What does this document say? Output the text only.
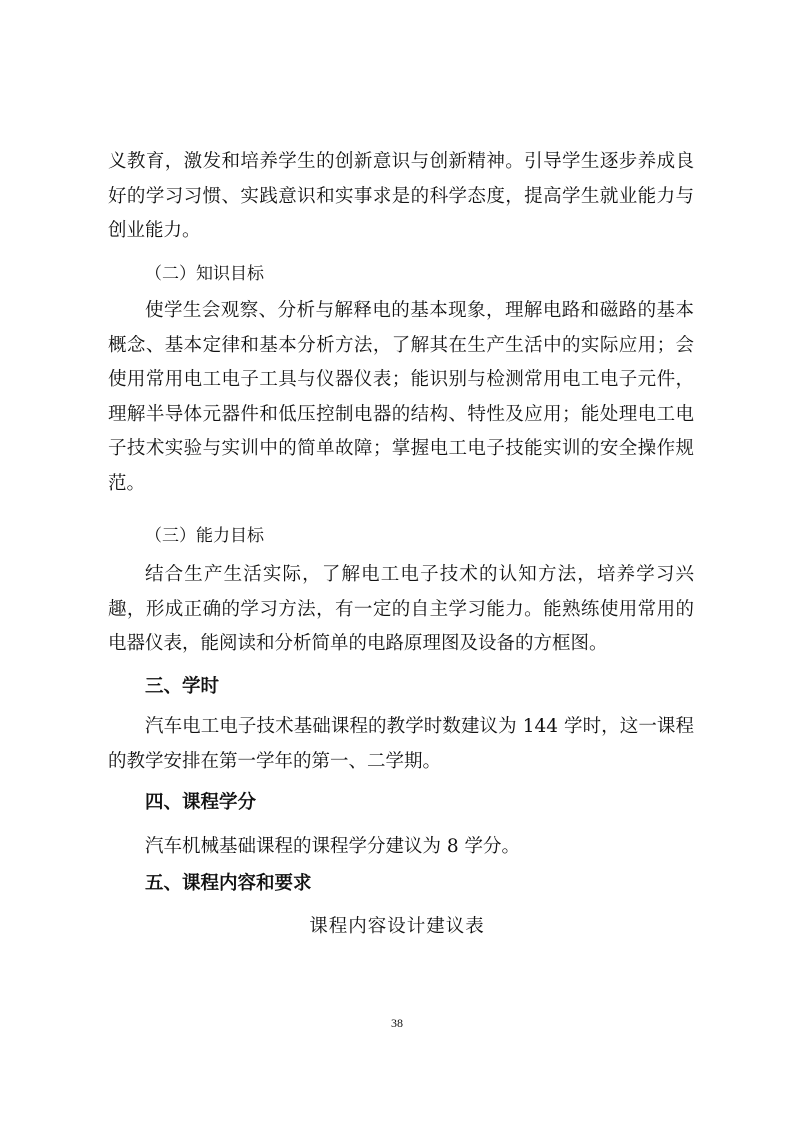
义教育，激发和培养学生的创新意识与创新精神。引导学生逐步养成良好的学习习惯、实践意识和实事求是的科学态度，提高学生就业能力与创业能力。

（二）知识目标

使学生会观察、分析与解释电的基本现象，理解电路和磁路的基本概念、基本定律和基本分析方法，了解其在生产生活中的实际应用；会使用常用电工电子工具与仪器仪表；能识别与检测常用电工电子元件，理解半导体元器件和低压控制电器的结构、特性及应用；能处理电工电子技术实验与实训中的简单故障；掌握电工电子技能实训的安全操作规范。

（三）能力目标

结合生产生活实际，了解电工电子技术的认知方法，培养学习兴趣，形成正确的学习方法，有一定的自主学习能力。能熟练使用常用的电器仪表，能阅读和分析简单的电路原理图及设备的方框图。

三、学时

汽车电工电子技术基础课程的教学时数建议为 144 学时，这一课程的教学安排在第一学年的第一、二学期。

四、课程学分

汽车机械基础课程的课程学分建议为 8 学分。

五、课程内容和要求

课程内容设计建议表

38
